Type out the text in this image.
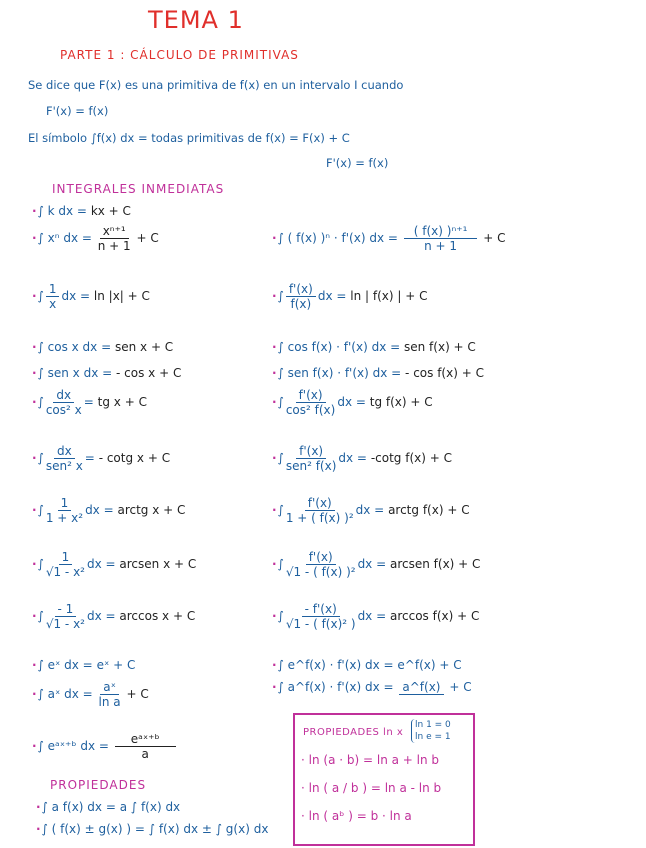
TEMA 1
PARTE 1 : CÁLCULO DE PRIMITIVAS
Se dice que F(x) es una primitiva de f(x) en un intervalo I cuando
F'(x) = f(x)
El símbolo ∫f(x) dx = todas primitivas de f(x) = F(x) + C
F'(x) = f(x)
INTEGRALES INMEDIATAS
·∫ k dx = kx + C
·∫ xⁿ dx = $\frac{\text{xⁿ⁺¹}}{n + 1} + C$
·∫ $\frac{1}{x}$ dx = ln |x| + C
·∫ cos x dx = sen x + C
·∫ sen x dx = - cos x + C
·∫ $\frac{dx}{\text{cos² x}}$ = tg x + C
·∫ $\frac{dx}{\text{sen² x}}$ = - cotg x + C
·∫ $\frac{1}{\text{1 + x²}}$ dx = arctg x + C
·∫ $\frac{1}{\text{√1 - x²}}$ dx = arcsen x + C
·∫ $\frac{- 1}{\text{√1 - x²}}$ dx = arccos x + C
·∫ eˣ dx = eˣ + C
·∫ aˣ dx = $\frac{\text{aˣ}}{\text{ln a}} + C$
·∫ eᵃˣ⁺ᵇ dx = $\frac{\text{eᵃˣ⁺ᵇ}}{a}$
·∫ ( f(x) )ⁿ · f'(x) dx = $\frac{\text{( f(x) )ⁿ⁺¹}}{n + 1} + C$
·∫ $\frac{f'(x)}{f(x)}$ dx = ln | f(x) | + C
·∫ cos f(x) · f'(x) dx = sen f(x) + C
·∫ sen f(x) · f'(x) dx = - cos f(x) + C
·∫ $\frac{f'(x)}{\text{cos² f(x)}}$ dx = tg f(x) + C
·∫ $\frac{f'(x)}{\text{sen² f(x)}}$ dx = -cotg f(x) + C
·∫ $\frac{f'(x)}{\text{1 + ( f(x) )²}}$ dx = arctg f(x) + C
·∫ $\frac{f'(x)}{\text{√1 - ( f(x) )²}}$ dx = arcsen f(x) + C
·∫ $\frac{- f'(x)}{\text{√1 - ( f(x)² )}}$ dx = arccos f(x) + C
·∫ e^f(x) · f'(x) dx = e^f(x) + C
·∫ a^f(x) · f'(x) dx = a^f(x) + C
PROPIEDADES
·∫ a f(x) dx = a ∫ f(x) dx
·∫ ( f(x) ± g(x) ) = ∫ f(x) dx ± ∫ g(x) dx
PROPIEDADES ln x
ln 1 = 0
ln e = 1
· ln (a · b) = ln a + ln b
· ln ( a / b ) = ln a - ln b
· ln ( aᵇ ) = b · ln a
